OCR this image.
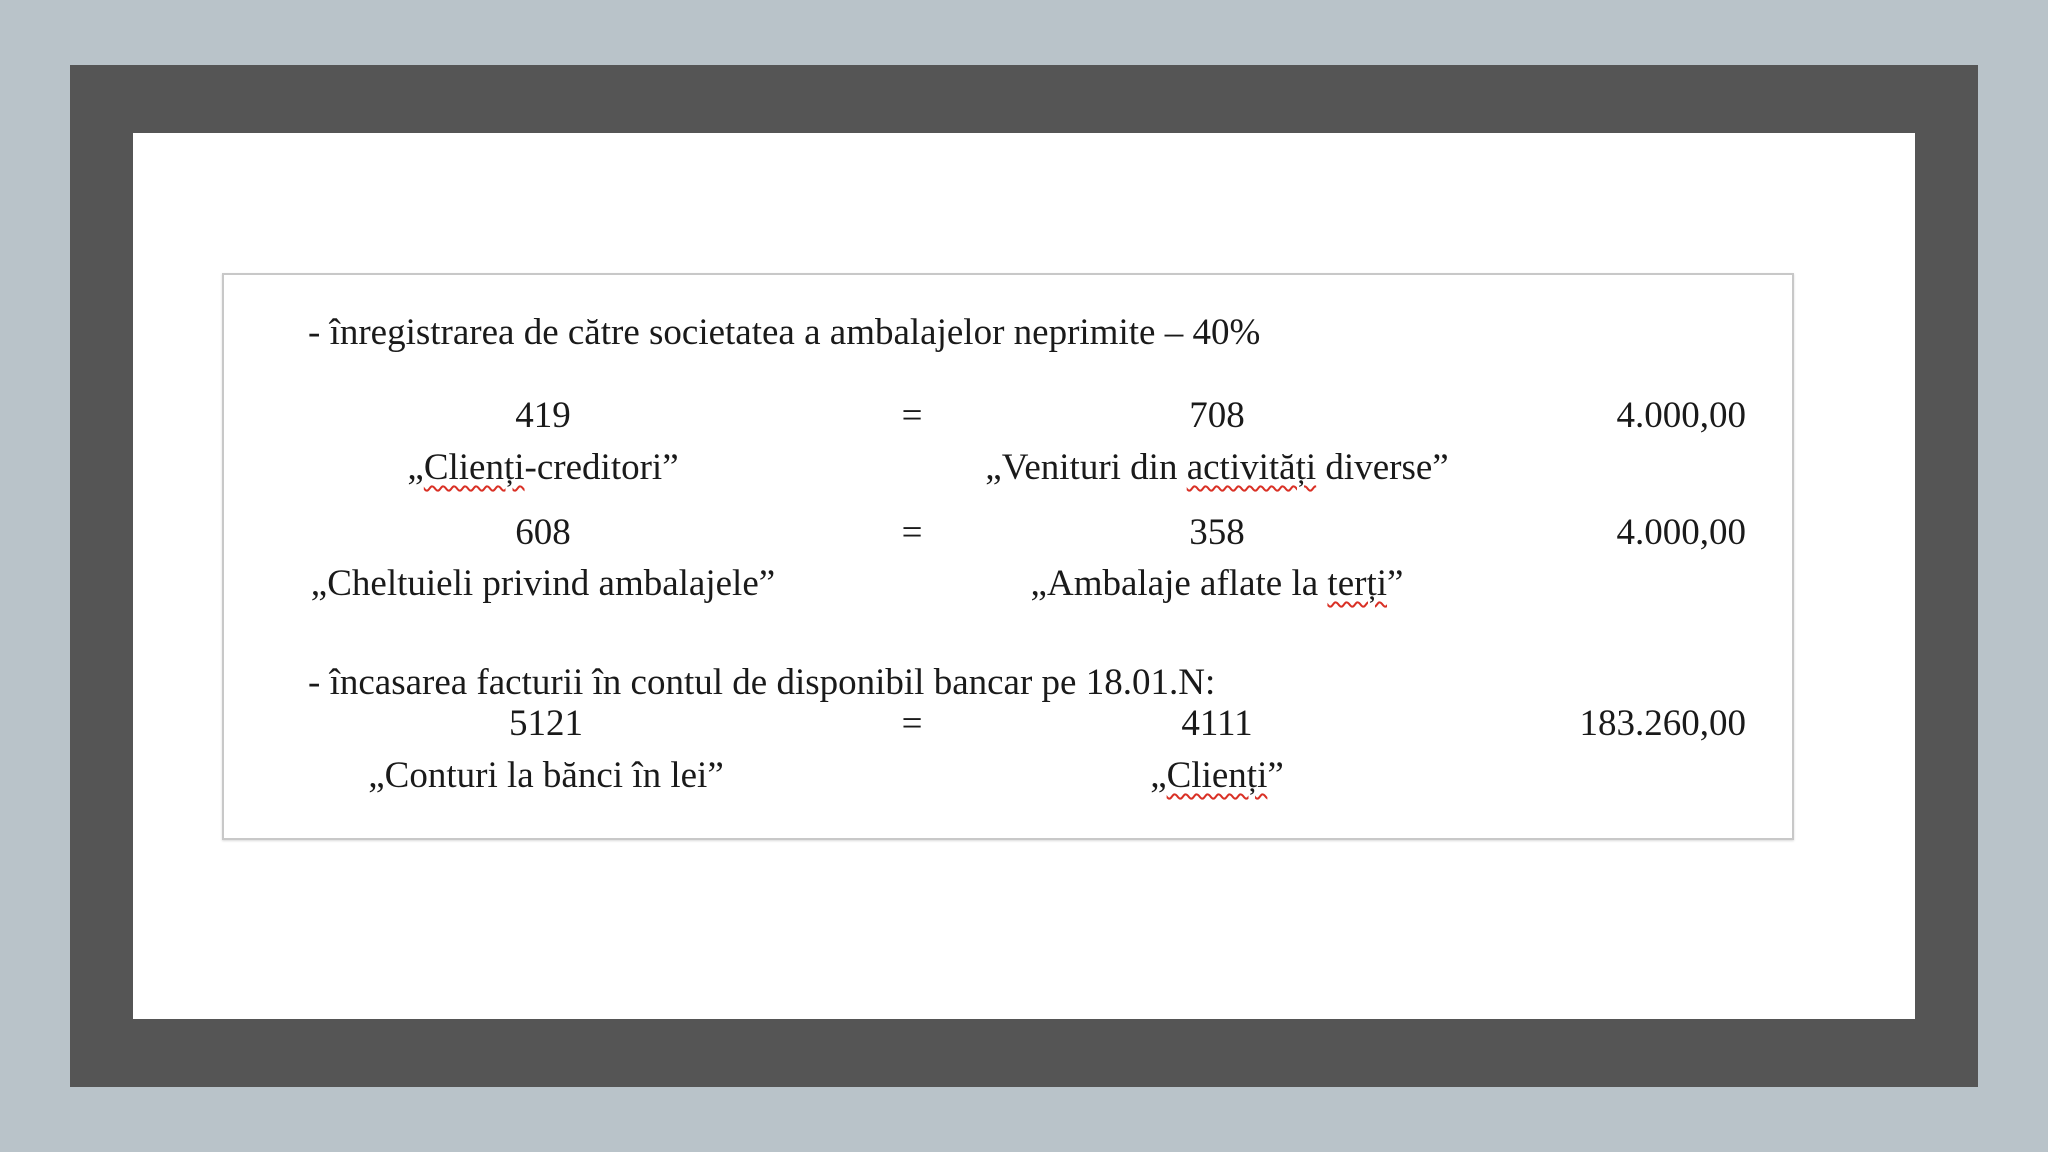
- înregistrarea de către societatea a ambalajelor neprimite – 40%
419	=	708	4.000,00
„Clienți-creditori”	„Venituri din activități diverse”
608	=	358	4.000,00
„Cheltuieli privind ambalajele”	„Ambalaje aflate la terți”
- încasarea facturii în contul de disponibil bancar pe 18.01.N:
5121	=	4111	183.260,00
„Conturi la bănci în lei”	„Clienți”
